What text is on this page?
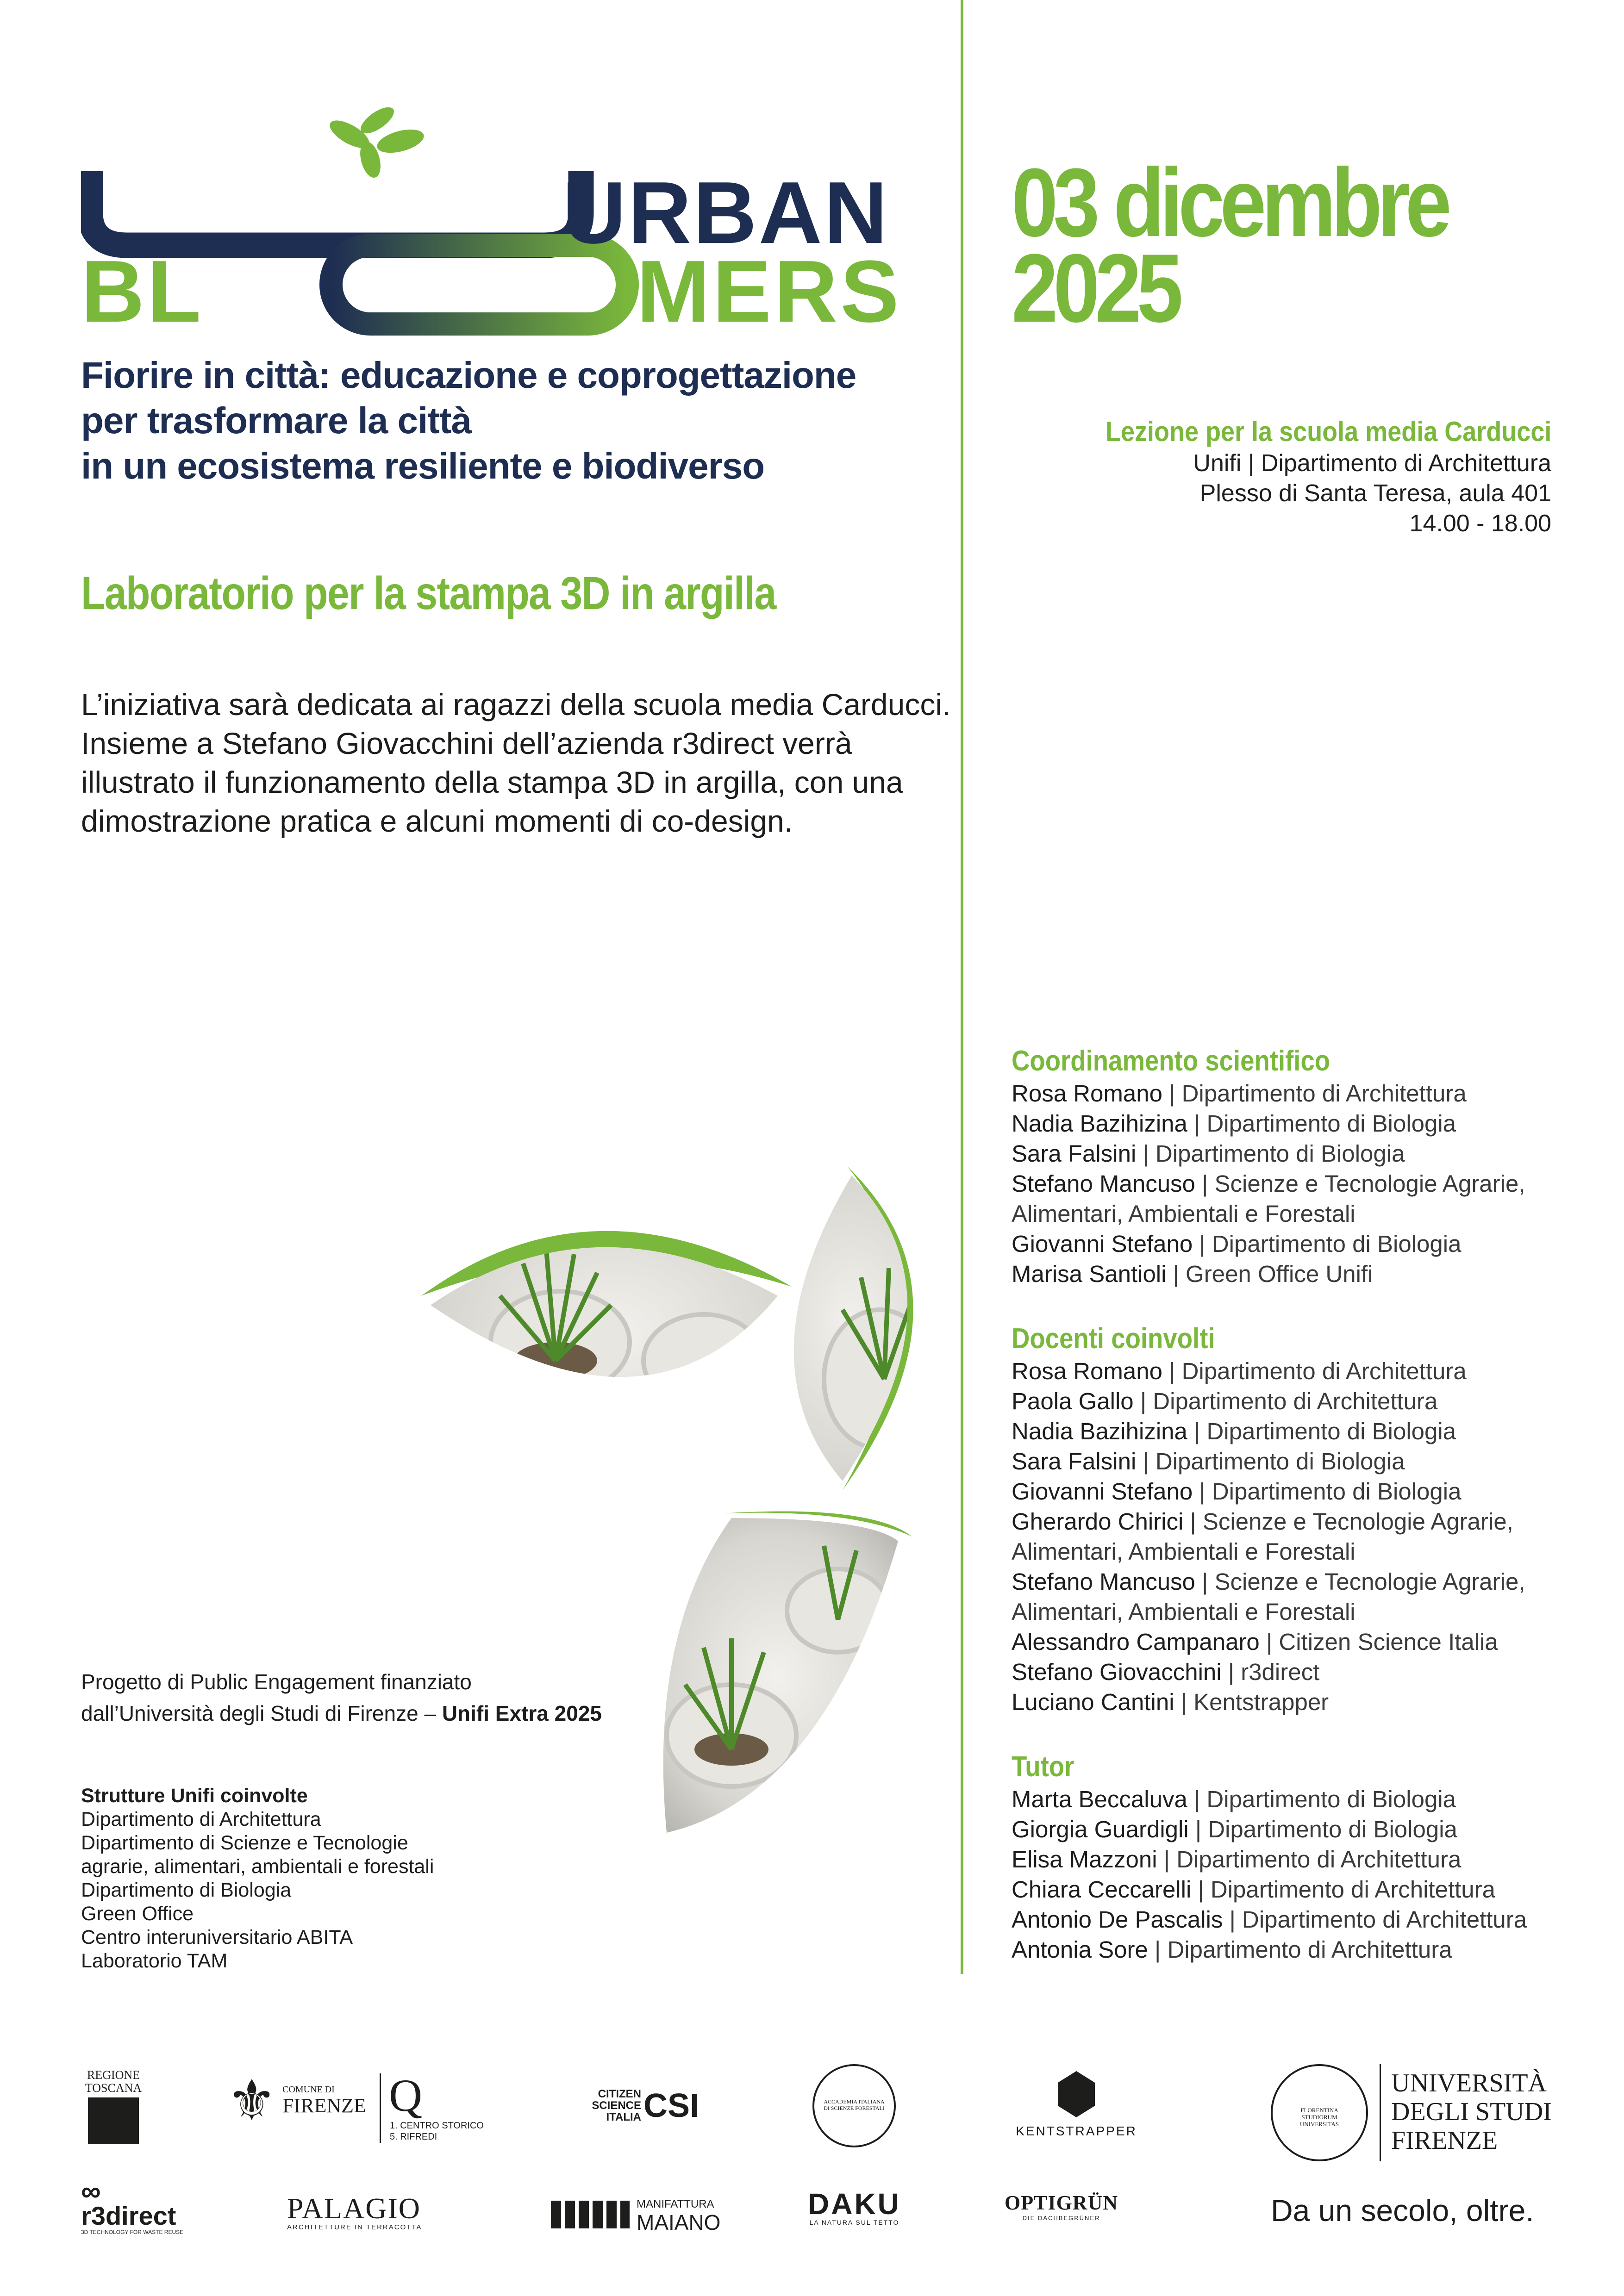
URBAN
BL	MERS
Fiorire in città: educazione e coprogettazione
per trasformare la città
in un ecosistema resiliente e biodiverso
Laboratorio per la stampa 3D in argilla
L’iniziativa sarà dedicata ai ragazzi della scuola media Carducci.
Insieme a Stefano Giovacchini dell’azienda r3direct verrà
illustrato il funzionamento della stampa 3D in argilla, con una
dimostrazione pratica e alcuni momenti di co-design.
03 dicembre
2025
Lezione per la scuola media Carducci
Unifi | Dipartimento di Architettura
Plesso di Santa Teresa, aula 401
14.00 - 18.00
Coordinamento scientifico
Rosa Romano | Dipartimento di Architettura
Nadia Bazihizina | Dipartimento di Biologia
Sara Falsini | Dipartimento di Biologia
Stefano Mancuso | Scienze e Tecnologie Agrarie,
Alimentari, Ambientali e Forestali
Giovanni Stefano | Dipartimento di Biologia
Marisa Santioli | Green Office Unifi
Docenti coinvolti
Rosa Romano | Dipartimento di Architettura
Paola Gallo | Dipartimento di Architettura
Nadia Bazihizina | Dipartimento di Biologia
Sara Falsini | Dipartimento di Biologia
Giovanni Stefano | Dipartimento di Biologia
Gherardo Chirici | Scienze e Tecnologie Agrarie,
Alimentari, Ambientali e Forestali
Stefano Mancuso | Scienze e Tecnologie Agrarie,
Alimentari, Ambientali e Forestali
Alessandro Campanaro | Citizen Science Italia
Stefano Giovacchini | r3direct
Luciano Cantini | Kentstrapper
Tutor
Marta Beccaluva | Dipartimento di Biologia
Giorgia Guardigli | Dipartimento di Biologia
Elisa Mazzoni | Dipartimento di Architettura
Chiara Ceccarelli | Dipartimento di Architettura
Antonio De Pascalis | Dipartimento di Architettura
Antonia Sore | Dipartimento di Architettura
Progetto di Public Engagement finanziato
dall’Università degli Studi di Firenze – Unifi Extra 2025
Strutture Unifi coinvolte
Dipartimento di Architettura
Dipartimento di Scienze e Tecnologie
agrarie, alimentari, ambientali e forestali
Dipartimento di Biologia
Green Office
Centro interuniversitario ABITA
Laboratorio TAM
REGIONE
TOSCANA ⚜ COMUNE DI
FIRENZE Q
1. CENTRO STORICO
5. RIFREDI
CITIZEN
SCIENCE
ITALIA CSI	ACCADEMIA ITALIANA DI SCIENZE FORESTALI
KENTSTRAPPER
FLORENTINA STUDIORUM UNIVERSITAS
UNIVERSITÀ
DEGLI STUDI
FIRENZE
∞
r3direct
3D TECHNOLOGY FOR WASTE REUSE
PALAGIO
ARCHITETTURE IN TERRACOTTA
MANIFATTURA
MAIANO
DAKU
LA NATURA SUL TETTO
OPTIGRÜN
DIE DACHBEGRÜNER	Da un secolo, oltre.
